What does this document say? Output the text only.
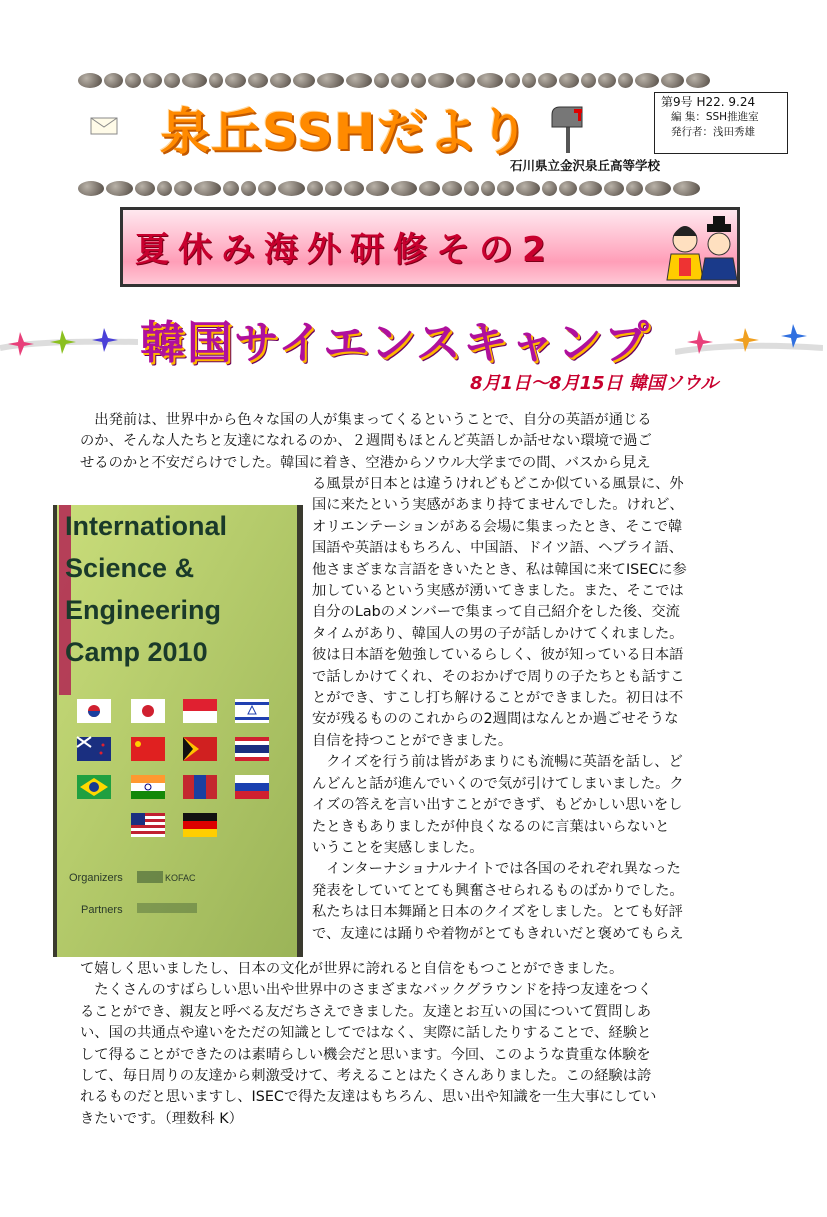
泉丘SSHだより
第9号 H22. 9.24
編 集：SSH推進室
発行者：浅田秀雄
石川県立金沢泉丘高等学校
夏休み海外研修その2
韓国サイエンスキャンプ
8月1日～8月15日 韓国ソウル
　出発前は、世界中から色々な国の人が集まってくるということで、自分の英語が通じる
のか、そんな人たちと友達になれるのか、２週間もほとんど英語しか話せない環境で過ご
せるのかと不安だらけでした。韓国に着き、空港からソウル大学までの間、バスから見え
る風景が日本とは違うけれどもどこか似ている風景に、外
国に来たという実感があまり持てませんでした。けれど、
オリエンテーションがある会場に集まったとき、そこで韓
国語や英語はもちろん、中国語、ドイツ語、ヘブライ語、
他さまざまな言語をきいたとき、私は韓国に来てISECに参
加しているという実感が湧いてきました。また、そこでは
自分のLabのメンバーで集まって自己紹介をした後、交流
タイムがあり、韓国人の男の子が話しかけてくれました。
彼は日本語を勉強しているらしく、彼が知っている日本語
で話しかけてくれ、そのおかげで周りの子たちとも話すこ
とができ、すこし打ち解けることができました。初日は不
安が残るもののこれからの2週間はなんとか過ごせそうな
自信を持つことができました。
　クイズを行う前は皆があまりにも流暢に英語を話し、ど
んどんと話が進んでいくので気が引けてしまいました。ク
イズの答えを言い出すことができず、もどかしい思いをし
たときもありましたが仲良くなるのに言葉はいらないと
いうことを実感しました。
　インターナショナルナイトでは各国のそれぞれ異なった
発表をしていてとても興奮させられるものばかりでした。
私たちは日本舞踊と日本のクイズをしました。とても好評
で、友達には踊りや着物がとてもきれいだと褒めてもらえ
て嬉しく思いましたし、日本の文化が世界に誇れると自信をもつことができました。
　たくさんのすばらしい思い出や世界中のさまざまなバックグラウンドを持つ友達をつく
ることができ、親友と呼べる友だちさえできました。友達とお互いの国について質問しあ
い、国の共通点や違いをただの知識としてではなく、実際に話したりすることで、経験と
して得ることができたのは素晴らしい機会だと思います。今回、このような貴重な体験を
して、毎日周りの友達から刺激受けて、考えることはたくさんありました。この経験は誇
れるものだと思いますし、ISECで得た友達はもちろん、思い出や知識を一生大事にしてい
きたいです。（理数科 K）
International
Science &
Engineering
Camp 2010
Organizers	KOFAC
Partners
